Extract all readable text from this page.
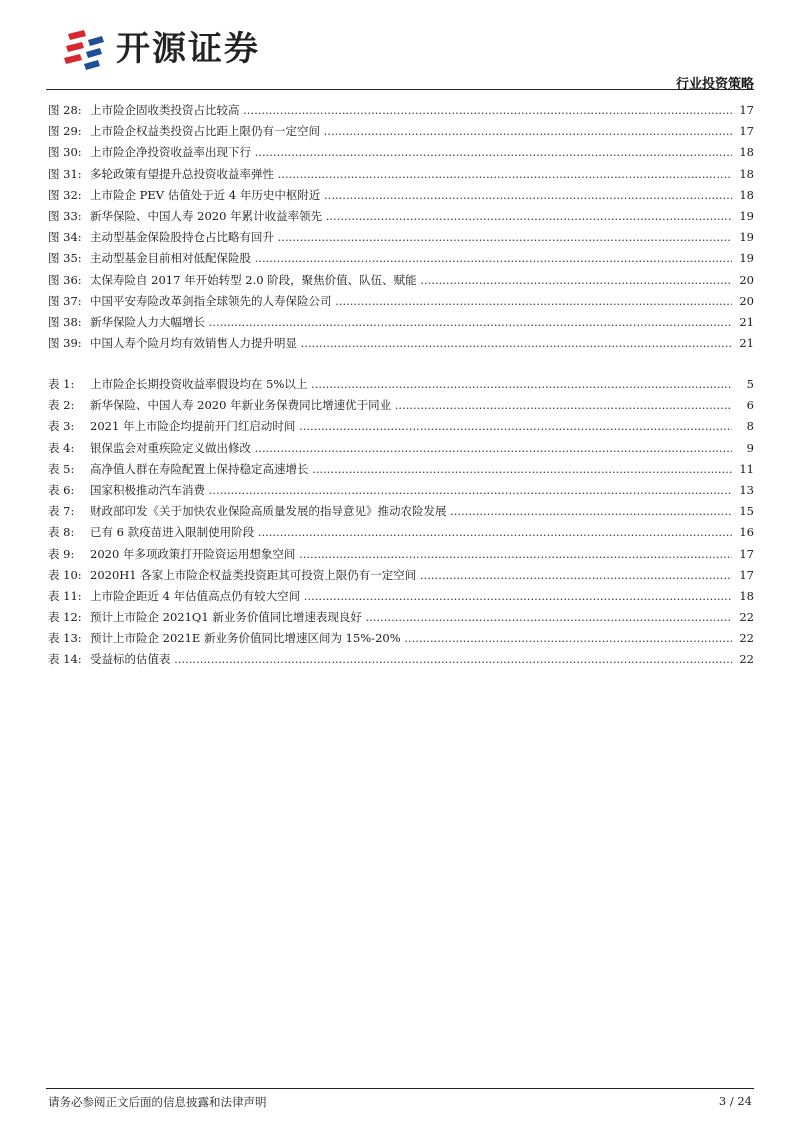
开源证券
行业投资策略
图 28: 上市险企固收类投资占比较高 .....	17
图 29: 上市险企权益类投资占比距上限仍有一定空间 .....	17
图 30: 上市险企净投资收益率出现下行 .....	18
图 31: 多轮政策有望提升总投资收益率弹性 .....	18
图 32: 上市险企 PEV 估值处于近 4 年历史中枢附近 .....	18
图 33: 新华保险、中国人寿 2020 年累计收益率领先 .....	19
图 34: 主动型基金保险股持仓占比略有回升 .....	19
图 35: 主动型基金目前相对低配保险股 .....	19
图 36: 太保寿险自 2017 年开始转型 2.0 阶段，聚焦价值、队伍、赋能 .....	20
图 37: 中国平安寿险改革剑指全球领先的人寿保险公司 .....	20
图 38: 新华保险人力大幅增长 .....	21
图 39: 中国人寿个险月均有效销售人力提升明显 .....	21
表 1: 上市险企长期投资收益率假设均在 5%以上 .....	5
表 2: 新华保险、中国人寿 2020 年新业务保费同比增速优于同业 .....	6
表 3: 2021 年上市险企均提前开门红启动时间 .....	8
表 4: 银保监会对重疾险定义做出修改 .....	9
表 5: 高净值人群在寿险配置上保持稳定高速增长 .....	11
表 6: 国家积极推动汽车消费 .....	13
表 7: 财政部印发《关于加快农业保险高质量发展的指导意见》推动农险发展 .....	15
表 8: 已有 6 款疫苗进入限制使用阶段 .....	16
表 9: 2020 年多项政策打开险资运用想象空间 .....	17
表 10: 2020H1 各家上市险企权益类投资距其可投资上限仍有一定空间 .....	17
表 11: 上市险企距近 4 年估值高点仍有较大空间 .....	18
表 12: 预计上市险企 2021Q1 新业务价值同比增速表现良好 .....	22
表 13: 预计上市险企 2021E 新业务价值同比增速区间为 15%-20% .....	22
表 14: 受益标的估值表 .....	22
请务必参阅正文后面的信息披露和法律声明	3 / 24
